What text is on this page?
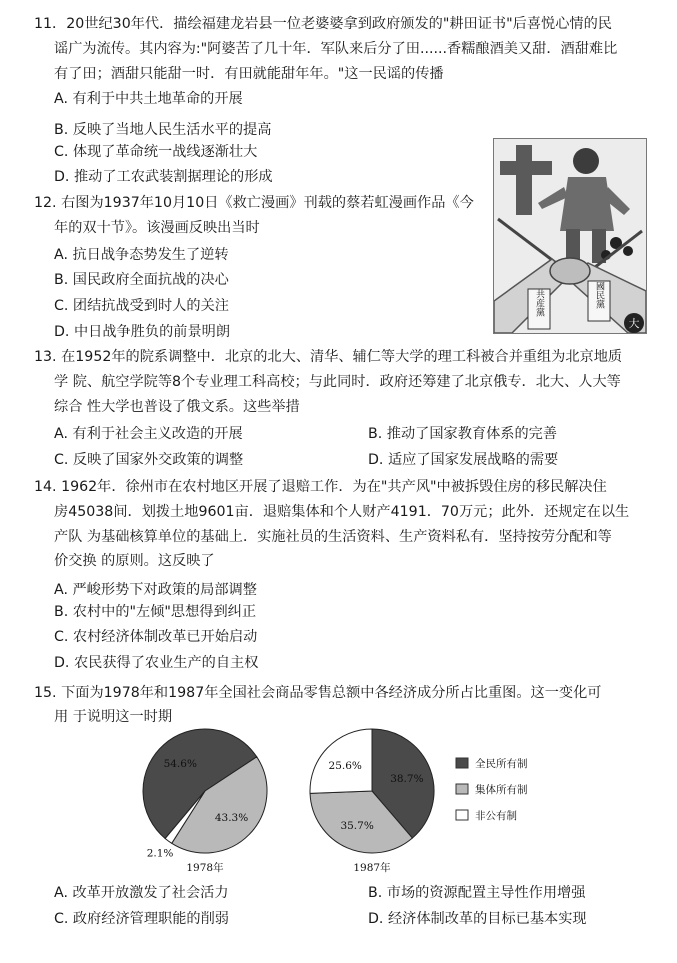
11．20世纪30年代．描绘福建龙岩县一位老婆婆拿到政府颁发的"耕田证书"后喜悦心情的民
谣广为流传。其内容为:"阿婆苦了几十年．军队来后分了田......香糯酿酒美又甜．酒甜难比
有了田；酒甜只能甜一时．有田就能甜年年。"这一民谣的传播
A. 有利于中共土地革命的开展
B. 反映了当地人民生活水平的提高
C. 体现了革命统一战线逐渐壮大
D. 推动了工农武装割据理论的形成
12. 右图为1937年10月10日《救亡漫画》刊载的蔡若虹漫画作品《今
年的双十节》。该漫画反映出当时
A. 抗日战争态势发生了逆转
B. 国民政府全面抗战的决心
C. 团结抗战受到时人的关注
D. 中日战争胜负的前景明朗
共産黨	國民黨
大
13. 在1952年的院系调整中．北京的北大、清华、辅仁等大学的理工科被合并重组为北京地质
学 院、航空学院等8个专业理工科高校；与此同时．政府还筹建了北京俄专．北大、人大等
综合 性大学也普设了俄文系。这些举措
A. 有利于社会主义改造的开展	B. 推动了国家教育体系的完善
C. 反映了国家外交政策的调整	D. 适应了国家发展战略的需要
14. 1962年．徐州市在农村地区开展了退赔工作．为在"共产风"中被拆毁住房的移民解决住
房45038间．划拨土地9601亩．退赔集体和个人财产4191．70万元；此外．还规定在以生
产队 为基础核算单位的基础上．实施社员的生活资料、生产资料私有．坚持按劳分配和等
价交换 的原则。这反映了
A. 严峻形势下对政策的局部调整
B. 农村中的"左倾"思想得到纠正
C. 农村经济体制改革已开始启动
D. 农民获得了农业生产的自主权
15. 下面为1978年和1987年全国社会商品零售总额中各经济成分所占比重图。这一变化可
用 于说明这一时期
54.6%
43.3%
2.1%
38.7%
35.7%
25.6%
1978年	1987年
全民所有制
集体所有制
非公有制
A. 改革开放激发了社会活力	B. 市场的资源配置主导性作用增强
C. 政府经济管理职能的削弱	D. 经济体制改革的目标已基本实现
